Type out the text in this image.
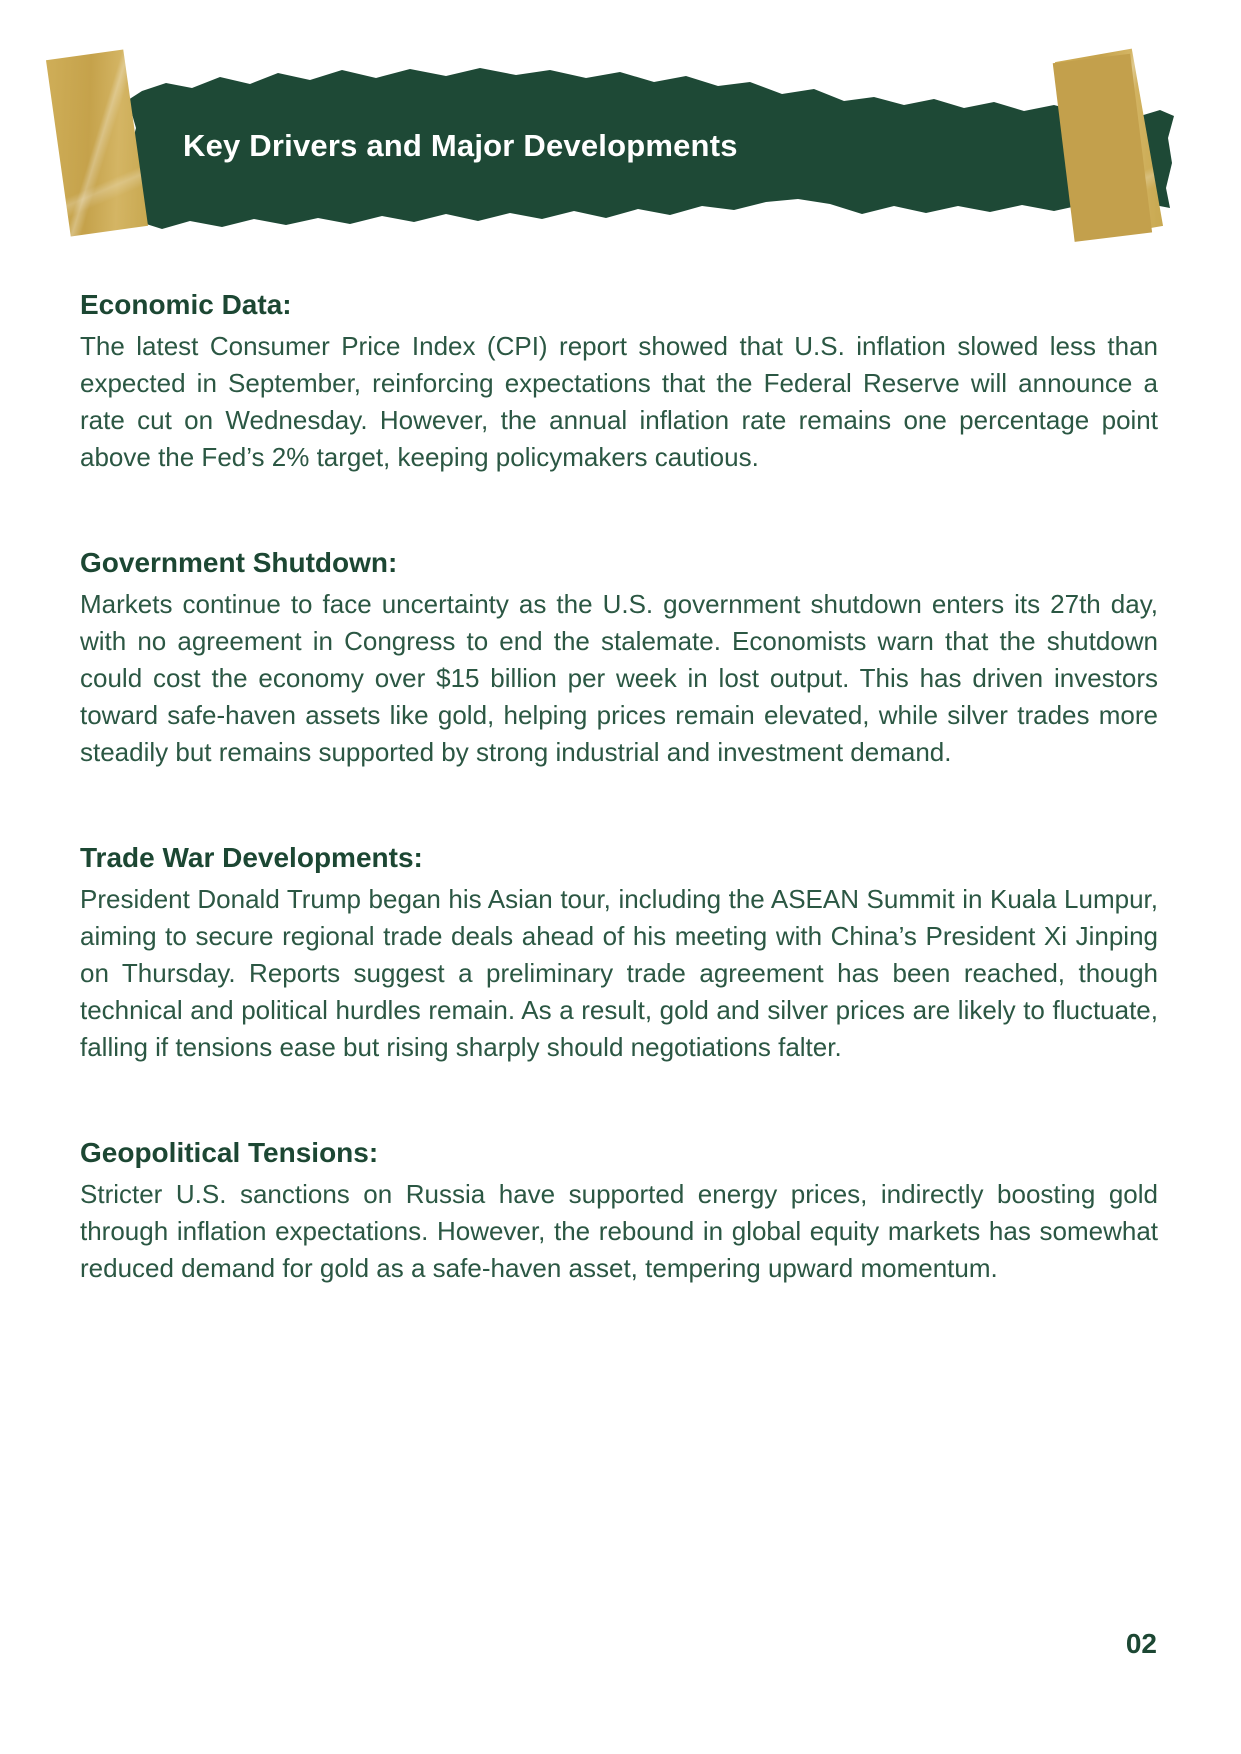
Key Drivers and Major Developments
Economic Data:

The latest Consumer Price Index (CPI) report showed that U.S. inflation slowed less than expected in September, reinforcing expectations that the Federal Reserve will announce a rate cut on Wednesday. However, the annual inflation rate remains one percentage point above the Fed’s 2% target, keeping policymakers cautious.

Government Shutdown:

Markets continue to face uncertainty as the U.S. government shutdown enters its 27th day, with no agreement in Congress to end the stalemate. Economists warn that the shutdown could cost the economy over $15 billion per week in lost output. This has driven investors toward safe-haven assets like gold, helping prices remain elevated, while silver trades more steadily but remains supported by strong industrial and investment demand.

Trade War Developments:

President Donald Trump began his Asian tour, including the ASEAN Summit in Kuala Lumpur, aiming to secure regional trade deals ahead of his meeting with China’s President Xi Jinping on Thursday. Reports suggest a preliminary trade agreement has been reached, though technical and political hurdles remain. As a result, gold and silver prices are likely to fluctuate, falling if tensions ease but rising sharply should negotiations falter.

Geopolitical Tensions:

Stricter U.S. sanctions on Russia have supported energy prices, indirectly boosting gold through inflation expectations. However, the rebound in global equity markets has somewhat reduced demand for gold as a safe-haven asset, tempering upward momentum.

02
